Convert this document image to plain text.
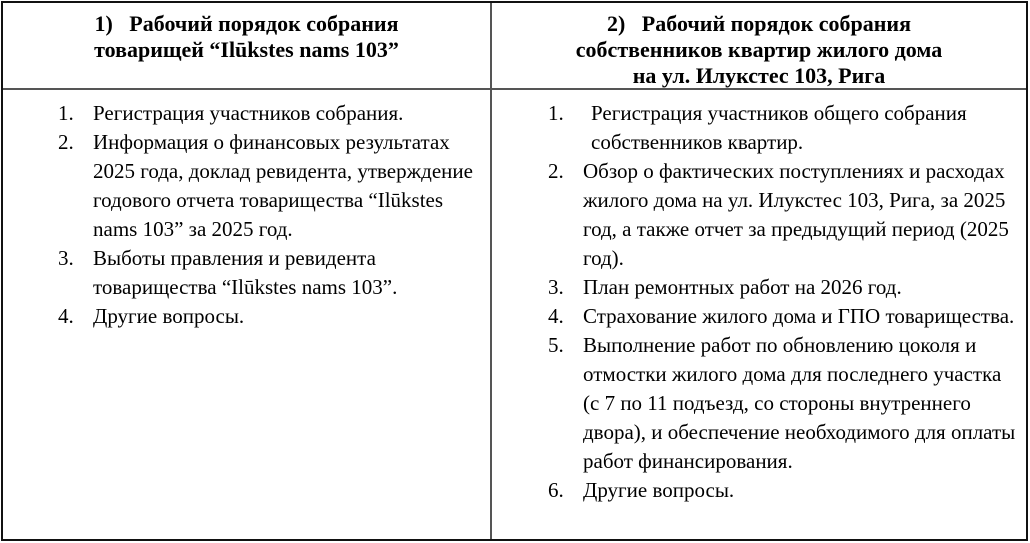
1)   Рабочий порядок собрания
товарищей “Ilūkstes nams 103”
2)   Рабочий порядок собрания
собственников квартир жилого дома
на ул. Илукстес 103, Рига
1. Регистрация участников собрания.
2. Информация о финансовых результатах 2025 года, доклад ревидента, утверждение годового отчета товарищества “Ilūkstes nams 103” за 2025 год.
3. Выботы правления и ревидента товарищества “Ilūkstes nams 103”.
4. Другие вопросы.
1.	Регистрация участников общего собрания собственников квартир.
2. Обзор о фактических поступлениях и расходах жилого дома на ул. Илукстес 103, Рига, за 2025 год, а также отчет за предыдущий период (2025 год).
3. План ремонтных работ на 2026 год.
4. Страхование жилого дома и ГПО товарищества.
5. Выполнение работ по обновлению цоколя и отмостки жилого дома для последнего участка (с 7 по 11 подъезд, со стороны внутреннего двора), и обеспечение необходимого для оплаты работ финансирования.
6. Другие вопросы.
